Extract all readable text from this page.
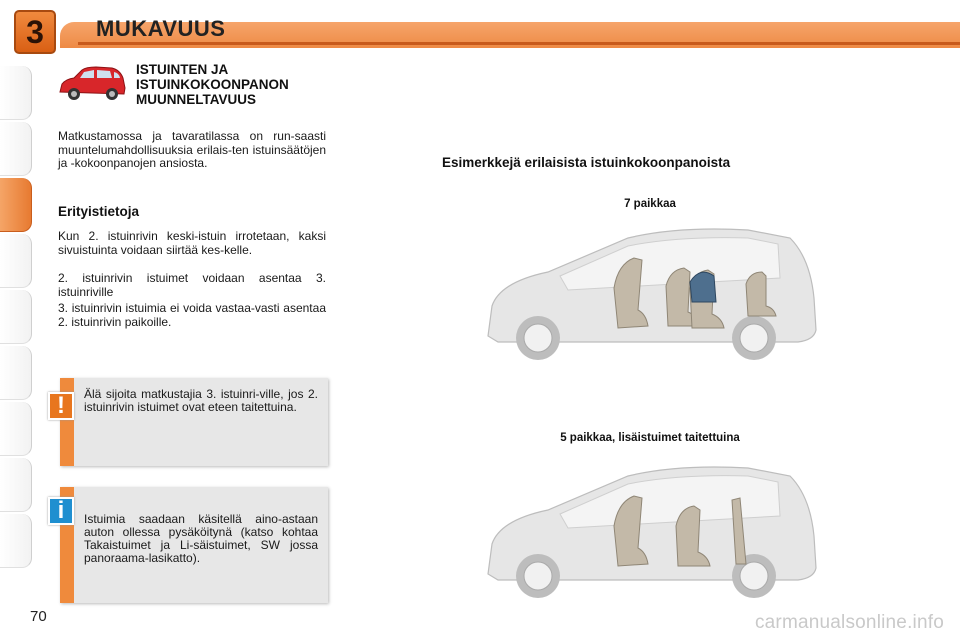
3 MUKAVUUS
ISTUINTEN JA
ISTUINKOKOONPANON
MUUNNELTAVUUS
Matkustamossa ja tavaratilassa on run-saasti muuntelumahdollisuuksia erilais-ten istuinsäätöjen ja -kokoonpanojen ansiosta.
Erityistietoja
Kun 2. istuinrivin keski-istuin irrotetaan, kaksi sivuistuinta voidaan siirtää kes-kelle.
2. istuinrivin istuimet voidaan asentaa 3. istuinriville
3. istuinrivin istuimia ei voida vastaa-vasti asentaa 2. istuinrivin paikoille.
!	Älä sijoita matkustajia 3. istuinri-ville, jos 2. istuinrivin istuimet ovat eteen taitettuina.
i	Istuimia saadaan käsitellä aino-astaan auton ollessa pysäköitynä (katso kohtaa Takaistuimet ja Li-säistuimet, SW jossa panoraama-lasikatto).
Esimerkkejä erilaisista istuinkokoonpanoista
7 paikkaa
5 paikkaa, lisäistuimet taitettuina
70	carmanualsonline.info
